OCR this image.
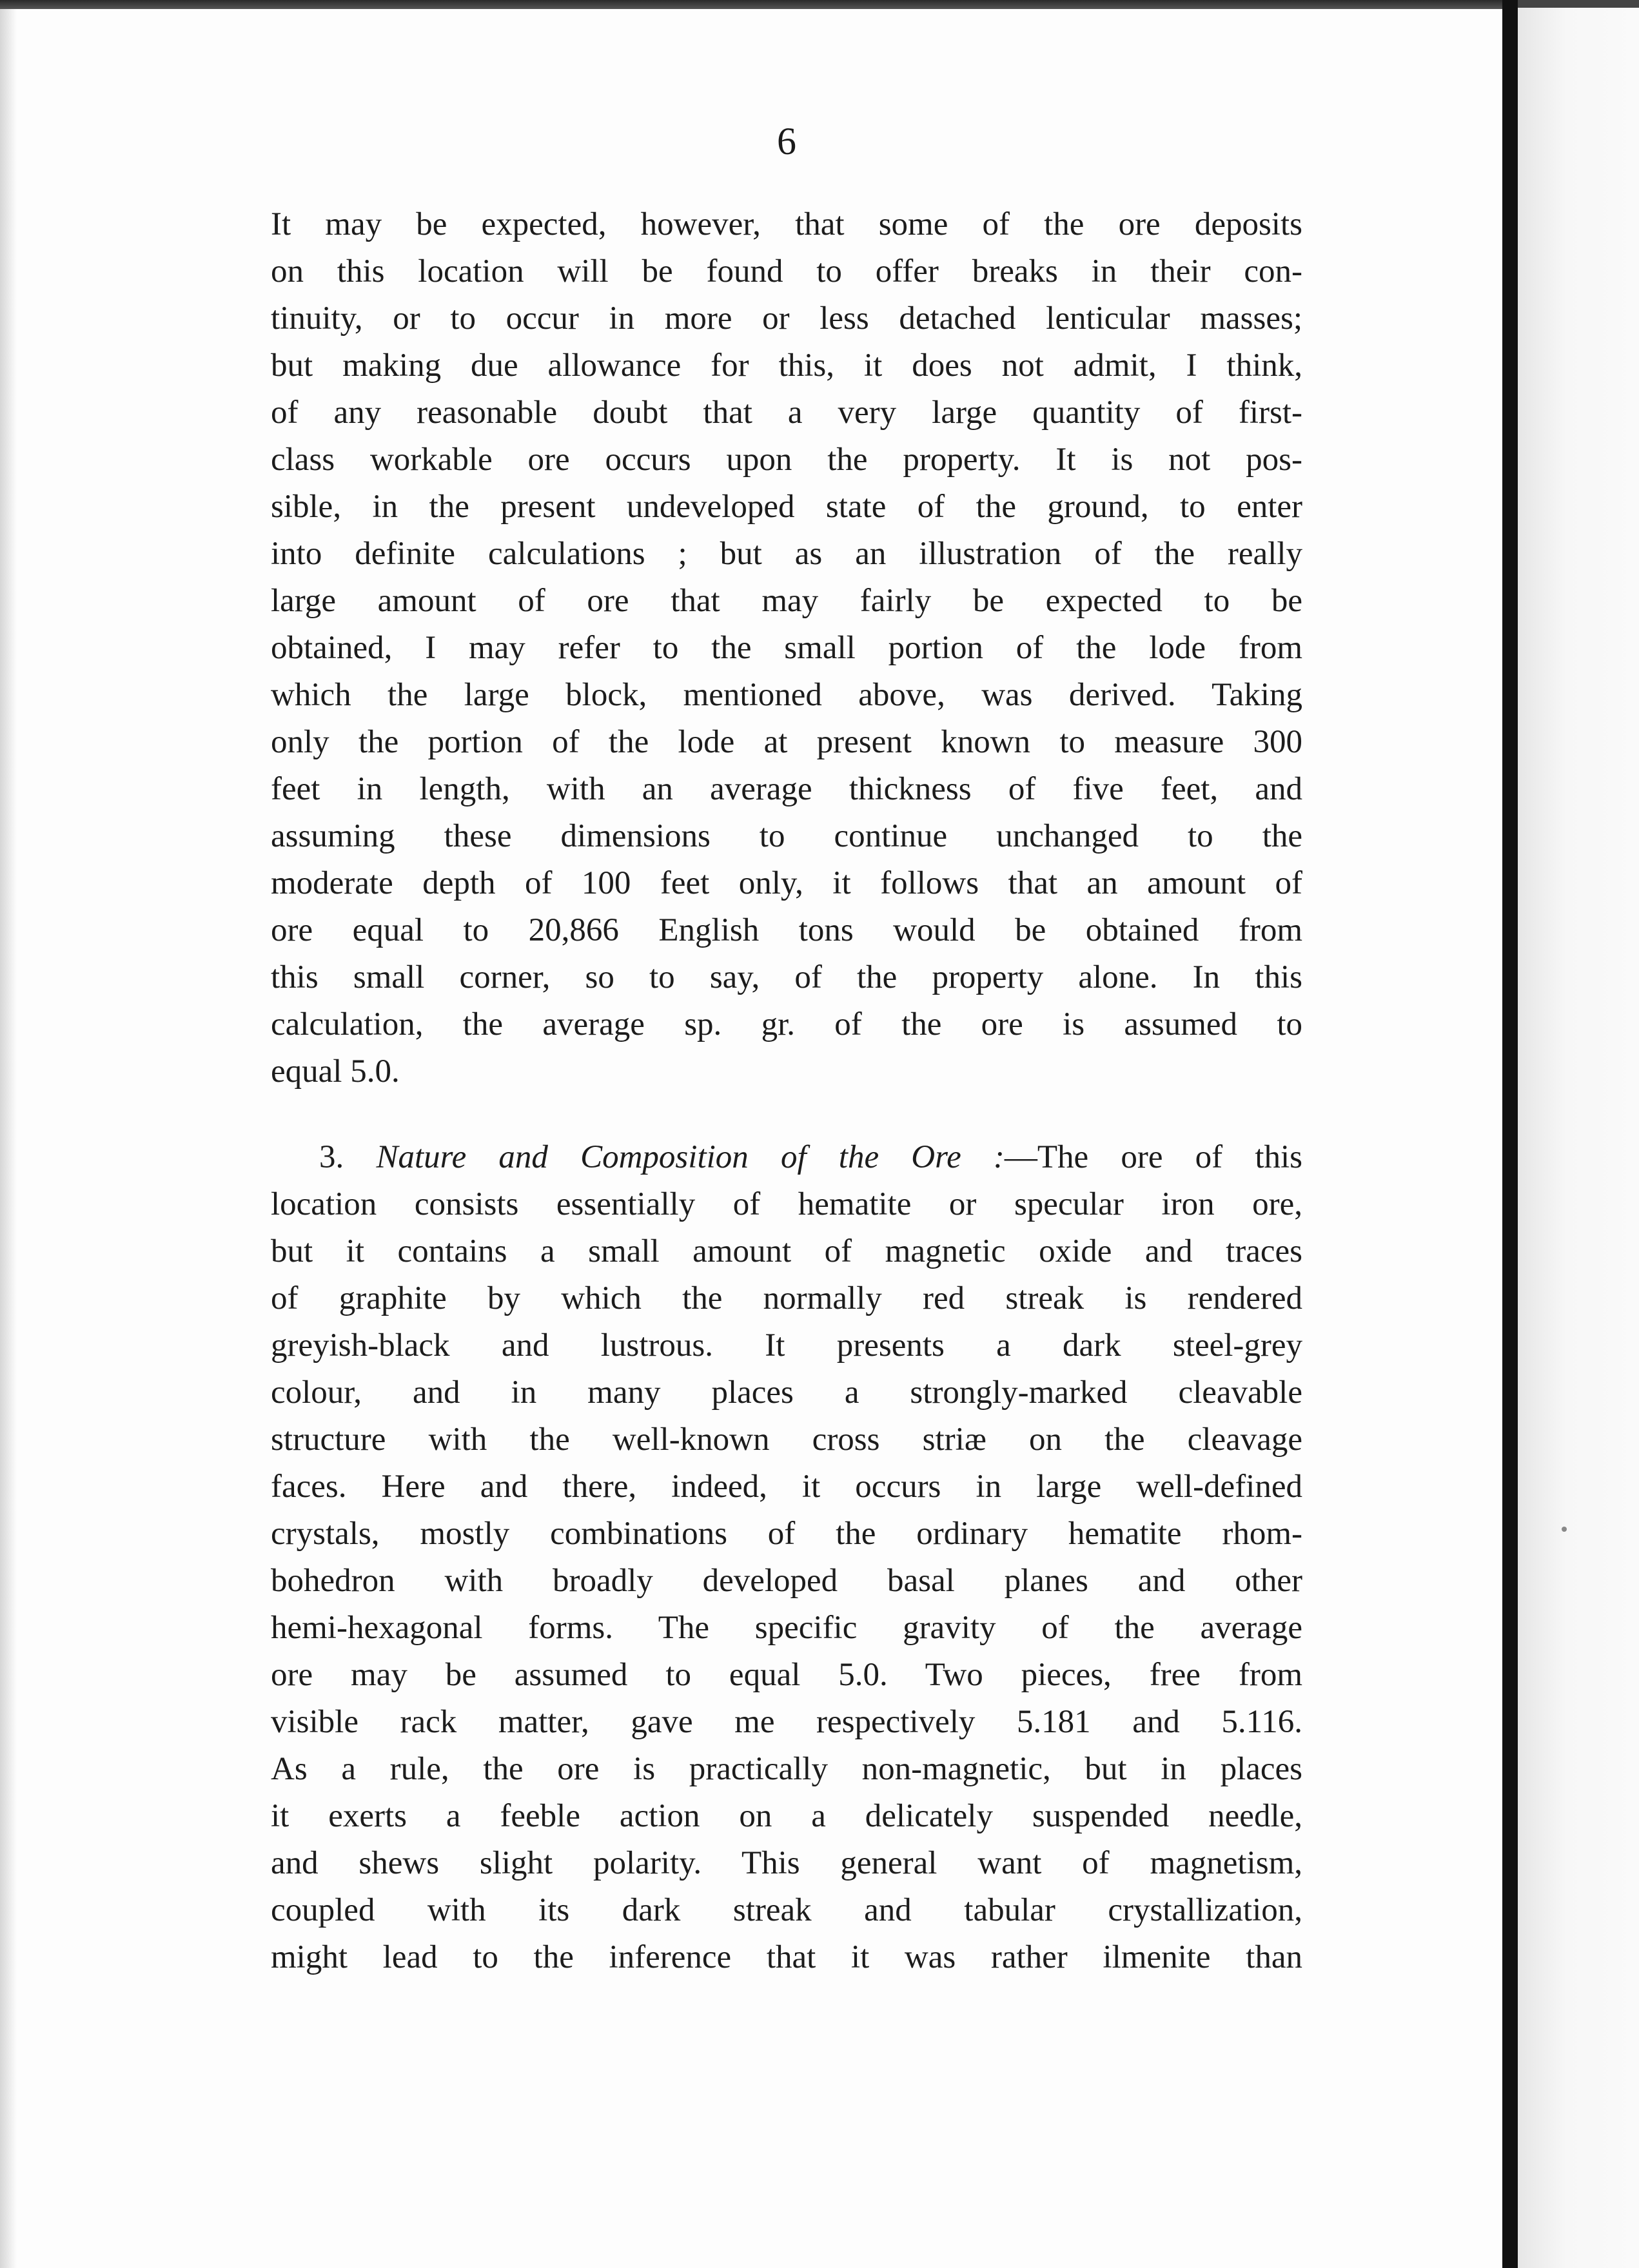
6
It may be expected, however, that some of the ore deposits
on this location will be found to offer breaks in their con-
tinuity, or to occur in more or less detached lenticular masses;
but making due allowance for this, it does not admit, I think,
of any reasonable doubt that a very large quantity of first-
class workable ore occurs upon the property. It is not pos-
sible, in the present undeveloped state of the ground, to enter
into definite calculations ; but as an illustration of the really
large amount of ore that may fairly be expected to be
obtained, I may refer to the small portion of the lode from
which the large block, mentioned above, was derived. Taking
only the portion of the lode at present known to measure 300
feet in length, with an average thickness of five feet, and
assuming these dimensions to continue unchanged to the
moderate depth of 100 feet only, it follows that an amount of
ore equal to 20,866 English tons would be obtained from
this small corner, so to say, of the property alone. In this
calculation, the average sp. gr. of the ore is assumed to
equal 5.0.
3. Nature and Composition of the Ore :—The ore of this
location consists essentially of hematite or specular iron ore,
but it contains a small amount of magnetic oxide and traces
of graphite by which the normally red streak is rendered
greyish-black and lustrous. It presents a dark steel-grey
colour, and in many places a strongly-marked cleavable
structure with the well-known cross striæ on the cleavage
faces. Here and there, indeed, it occurs in large well-defined
crystals, mostly combinations of the ordinary hematite rhom-
bohedron with broadly developed basal planes and other
hemi-hexagonal forms. The specific gravity of the average
ore may be assumed to equal 5.0. Two pieces, free from
visible rack matter, gave me respectively 5.181 and 5.116.
As a rule, the ore is practically non-magnetic, but in places
it exerts a feeble action on a delicately suspended needle,
and shews slight polarity. This general want of magnetism,
coupled with its dark streak and tabular crystallization,
might lead to the inference that it was rather ilmenite than
